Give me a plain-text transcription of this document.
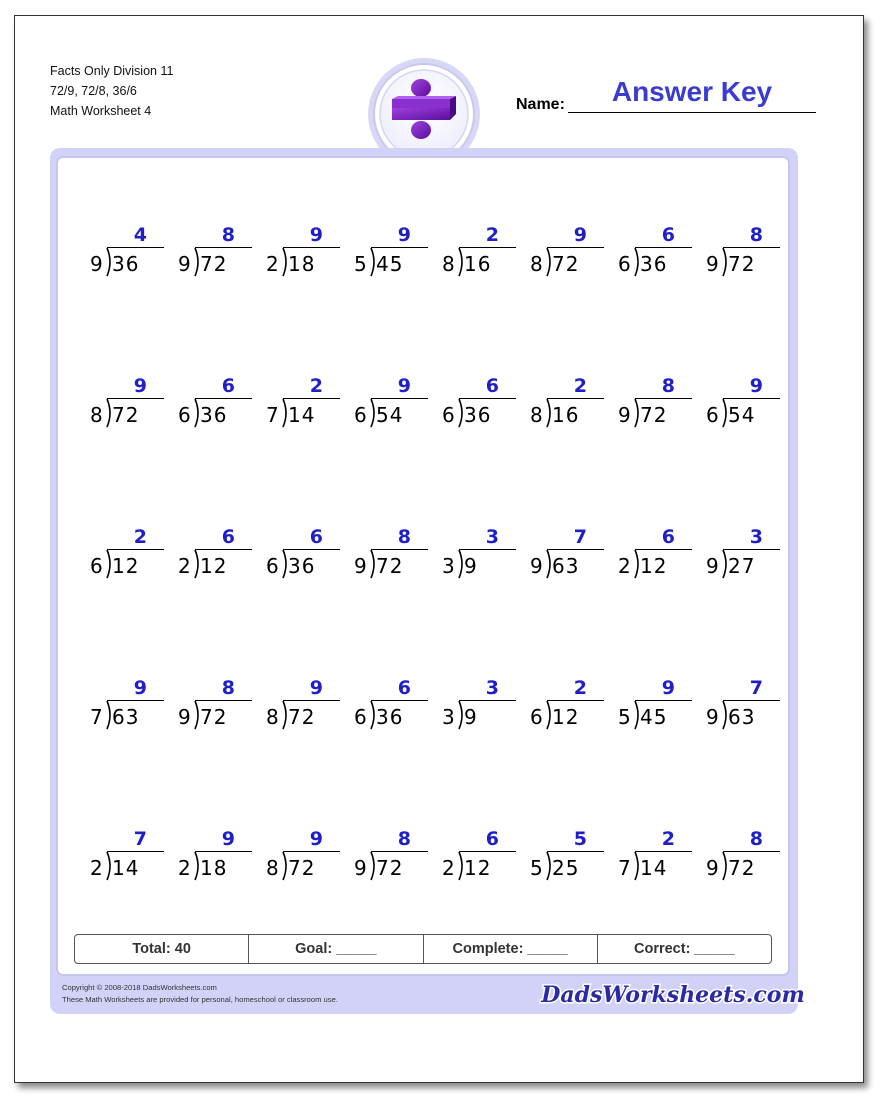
Facts Only Division 11
72/9, 72/8, 36/6
Math Worksheet 4	Name:	Answer Key
4
9 36
8
9 72
9
2 18
9
5 45
2
8 16
9
8 72
6
6 36
8
9 72
9
8 72
6
6 36
2
7 14
9
6 54
6
6 36
2
8 16
8
9 72
9
6 54
2
6 12
6
2 12
6
6 36
8
9 72
3
3 9
7
9 63
6
2 12
3
9 27
9
7 63
8
9 72
9
8 72
6
6 36
3
3 9
2
6 12
9
5 45
7
9 63
7
2 14
9
2 18
9
8 72
8
9 72
6
2 12
5
5 25
2
7 14
8
9 72
Total: 40	Goal: _____	Complete: _____	Correct: _____
Copyright © 2008-2018 DadsWorksheets.com
These Math Worksheets are provided for personal, homeschool or classroom use.	DadsWorksheets.com
